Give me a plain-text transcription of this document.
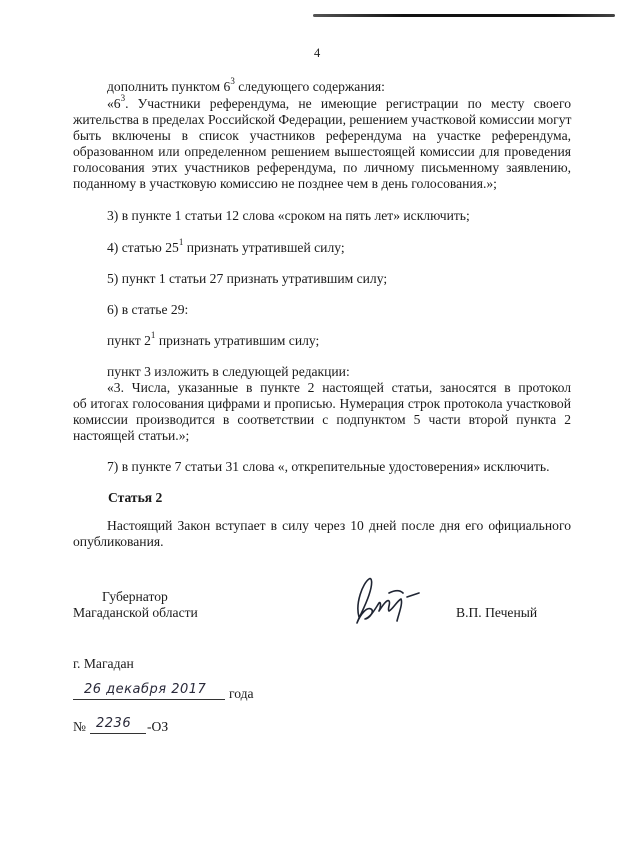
4
дополнить пунктом $6^3$ следующего содержания:
«$6^3$. Участники референдума, не имеющие регистрации по месту своего
жительства в пределах Российской Федерации, решением участковой комиссии могут
быть включены в список участников референдума на участке референдума,
образованном или определенном решением вышестоящей комиссии для проведения
голосования этих участников референдума, по личному письменному заявлению,
поданному в участковую комиссию не позднее чем в день голосования.»;
3) в пункте 1 статьи 12 слова «сроком на пять лет» исключить;
4) статью $25^1$ признать утратившей силу;
5) пункт 1 статьи 27 признать утратившим силу;
6) в статье 29:
пункт $2^1$ признать утратившим силу;
пункт 3 изложить в следующей редакции:
«3. Числа, указанные в пункте 2 настоящей статьи, заносятся в протокол
об итогах голосования цифрами и прописью. Нумерация строк протокола участковой
комиссии производится в соответствии с подпунктом 5 части второй пункта 2
настоящей статьи.»;
7) в пункте 7 статьи 31 слова «, открепительные удостоверения» исключить.
Статья 2
Настоящий Закон вступает в силу через 10 дней после дня его официального
опубликования.
Губернатор
Магаданской области	В.П. Печеный
г. Магадан
26 декабря 2017 года
№ 2236 -ОЗ
